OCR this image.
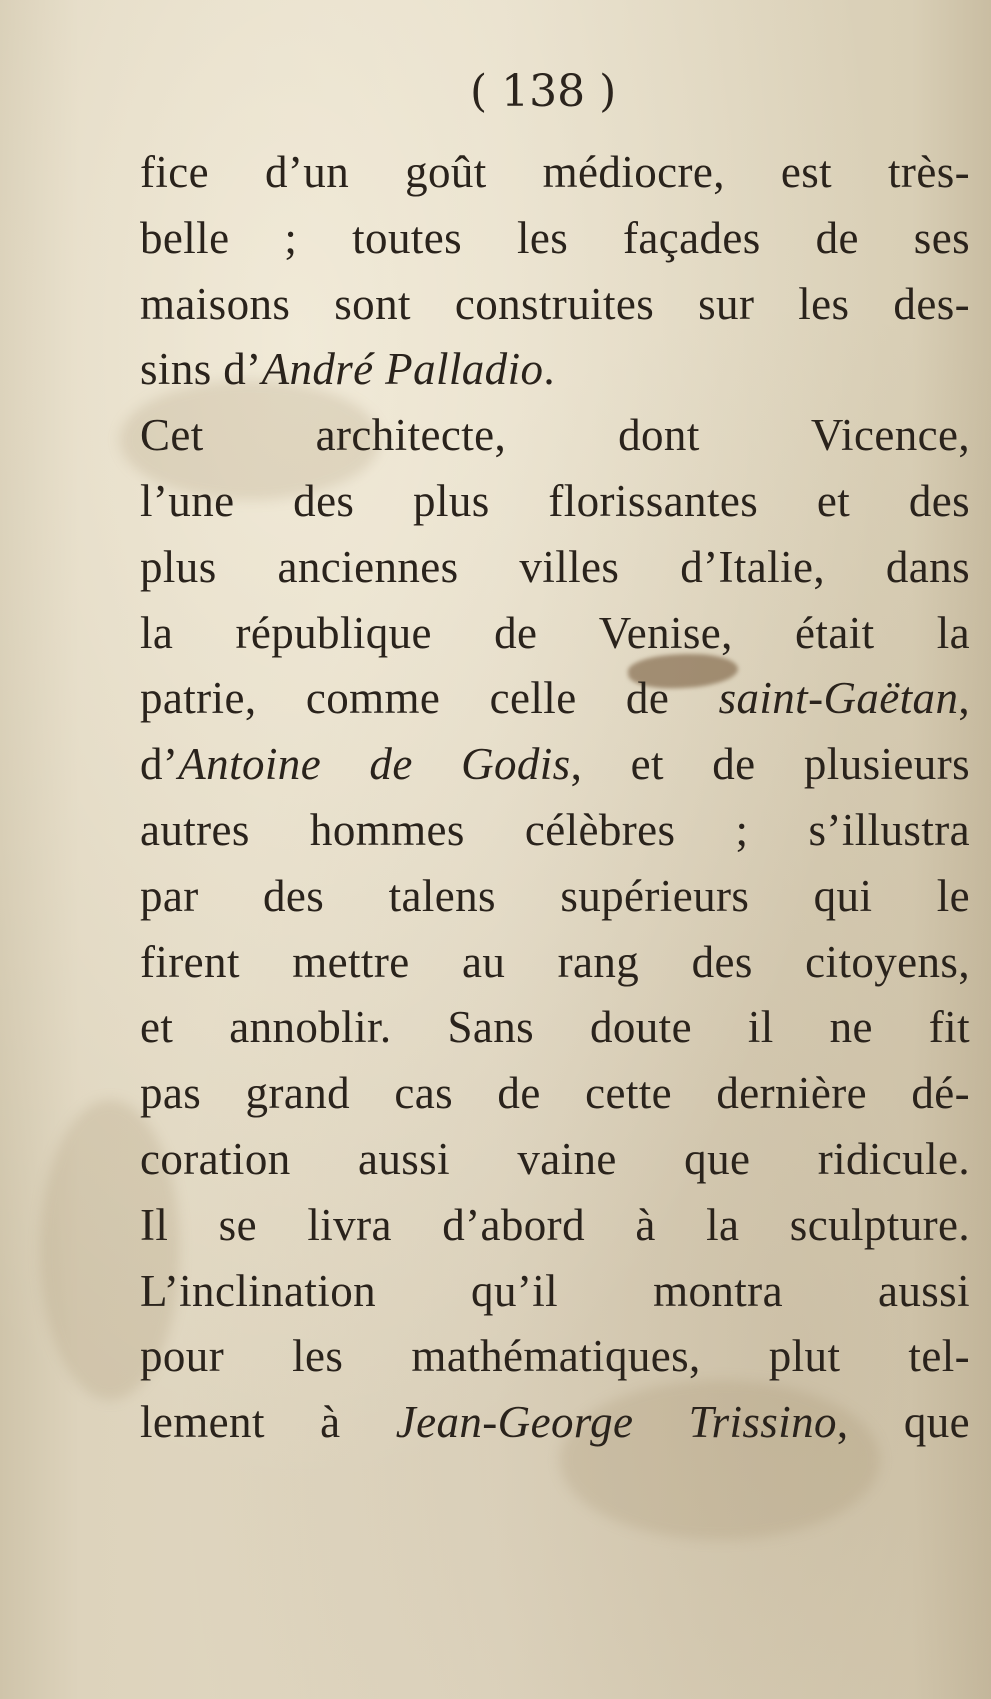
( 138 )
fice d’un goût médiocre, est très-
belle ; toutes les façades de ses
maisons sont construites sur les des-
sins d’André Palladio.
Cet architecte, dont Vicence,
l’une des plus florissantes et des
plus anciennes villes d’Italie, dans
la république de Venise, était la
patrie, comme celle de saint-Gaëtan,
d’Antoine de Godis, et de plusieurs
autres hommes célèbres ; s’illustra
par des talens supérieurs qui le
firent mettre au rang des citoyens,
et annoblir. Sans doute il ne fit
pas grand cas de cette dernière dé-
coration aussi vaine que ridicule.
Il se livra d’abord à la sculpture.
L’inclination qu’il montra aussi
pour les mathématiques, plut tel-
lement à Jean-George Trissino, que
